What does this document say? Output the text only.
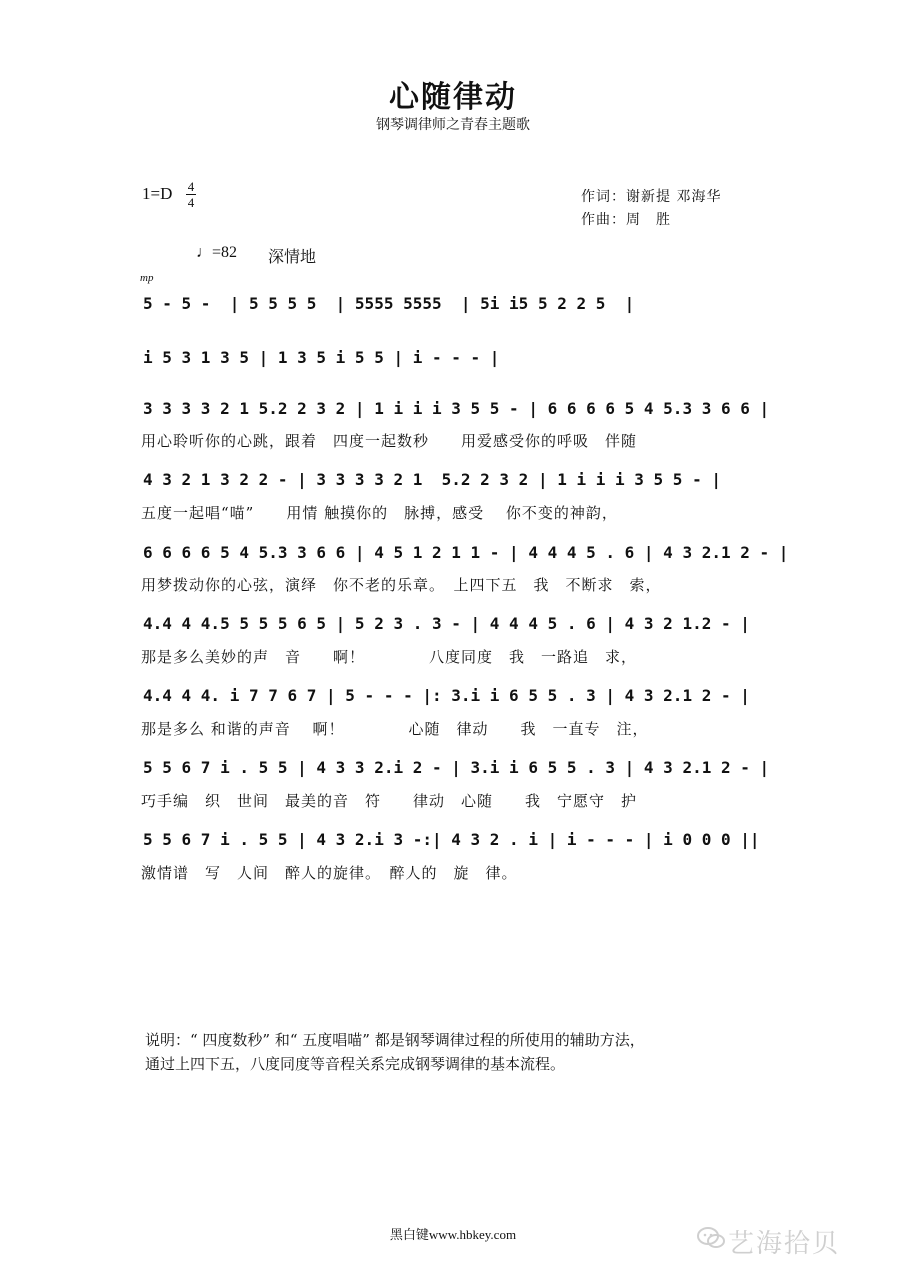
心随律动
钢琴调律师之青春主题歌
1=D 4
4	作词：谢新提 邓海华
作曲：周　胜
♩=82 深情地
mp
5 - 5 -  | 5 5 5 5  | 5555 5555  | 5i i5 5 2 2 5  |
i 5 3 1 3 5 | 1 3 5 i 5 5 | i - - - |
3 3 3 3 2 1 5.2 2 3 2 | 1 i i i 3 5 5 - | 6 6 6 6 5 4 5.3 3 6 6 |
用心聆听你的心跳，跟着　四度一起数秒　　用爱感受你的呼吸　伴随
4 3 2 1 3 2 2 - | 3 3 3 3 2 1  5.2 2 3 2 | 1 i i i 3 5 5 - |
五度一起唱“喵”　　用情 触摸你的　脉搏，感受　 你不变的神韵，
6 6 6 6 5 4 5.3 3 6 6 | 4 5 1 2 1 1 - | 4 4 4 5 . 6 | 4 3 2.1 2 - |
用梦拨动你的心弦，演绎　你不老的乐章。　上四下五　我　不断求　索，
4.4 4 4.5 5 5 5 6 5 | 5 2 3 . 3 - | 4 4 4 5 . 6 | 4 3 2 1.2 - |
那是多么美妙的声　音　　啊！　　　　八度同度　我　一路追　求，
4.4 4 4. i 7 7 6 7 | 5 - - - |: 3.i i 6 5 5 . 3 | 4 3 2.1 2 - |
那是多么 和谐的声音　 啊！　　　　心随　律动　　我　一直专　注，
5 5 6 7 i . 5 5 | 4 3 3 2.i 2 - | 3.i i 6 5 5 . 3 | 4 3 2.1 2 - |
巧手编　织　世间　最美的音　符　　律动　心随　　我　宁愿守　护
5 5 6 7 i . 5 5 | 4 3 2.i 3 -:| 4 3 2 . i | i - - - | i 0 0 0 ||
激情谱　写　人间　醉人的旋律。　醉人的　旋　律。
说明：“ 四度数秒” 和“ 五度唱喵” 都是钢琴调律过程的所使用的辅助方法，
通过上四下五，八度同度等音程关系完成钢琴调律的基本流程。
黑白键www.hbkey.com	艺海拾贝
